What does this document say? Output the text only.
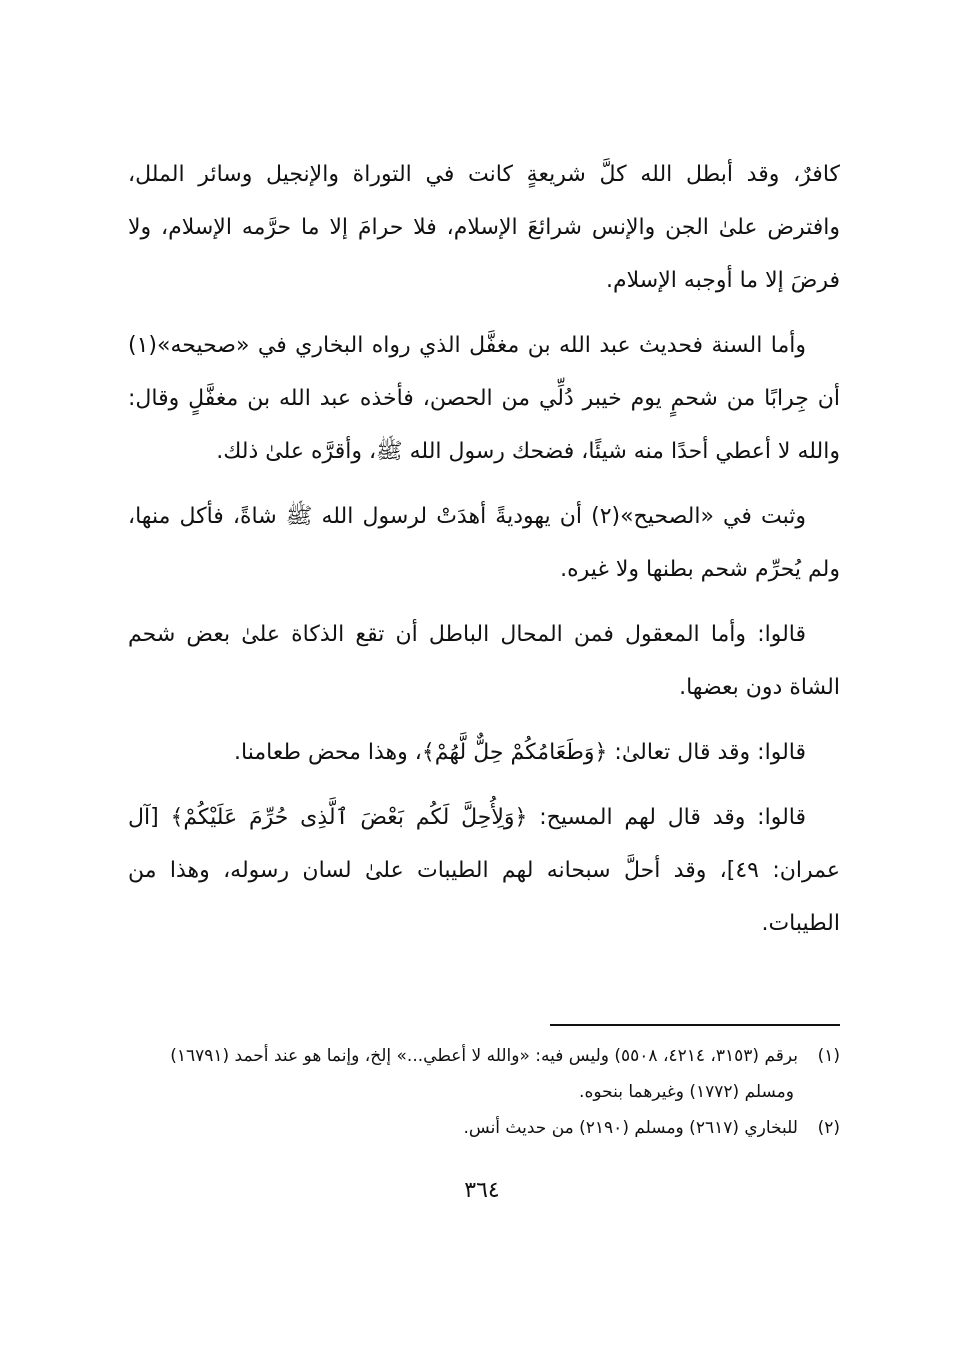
كافرٌ، وقد أبطل الله كلَّ شريعةٍ كانت في التوراة والإنجيل وسائر الملل، وافترض علىٰ الجن والإنس شرائعَ الإسلام، فلا حرامَ إلا ما حرَّمه الإسلام، ولا فرضَ إلا ما أوجبه الإسلام.

وأما السنة فحديث عبد الله بن مغفَّل الذي رواه البخاري في «صحيحه»(١) أن جِرابًا من شحمٍ يوم خيبر دُلِّي من الحصن، فأخذه عبد الله بن مغفَّلٍ وقال: والله لا أعطي أحدًا منه شيئًا، فضحك رسول الله ﷺ، وأقرَّه علىٰ ذلك.

وثبت في «الصحيح»(٢) أن يهوديةً أهدَتْ لرسول الله ﷺ شاةً، فأكل منها، ولم يُحرِّم شحم بطنها ولا غيره.

قالوا: وأما المعقول فمن المحال الباطل أن تقع الذكاة علىٰ بعض شحم الشاة دون بعضها.

قالوا: وقد قال تعالىٰ: ﴿وَطَعَامُكُمْ حِلٌّ لَّهُمْ﴾، وهذا محض طعامنا.

قالوا: وقد قال لهم المسيح: ﴿وَلِأُحِلَّ لَكُم بَعْضَ ٱلَّذِى حُرِّمَ عَلَيْكُمْ﴾ [آل عمران: ٤٩]، وقد أحلَّ سبحانه لهم الطيبات علىٰ لسان رسوله، وهذا من الطيبات.

(١)برقم (٣١٥٣، ٤٢١٤، ٥٥٠٨) وليس فيه: «والله لا أعطي...» إلخ، وإنما هو عند أحمد (١٦٧٩١) ومسلم (١٧٧٢) وغيرهما بنحوه.

(٢)للبخاري (٢٦١٧) ومسلم (٢١٩٠) من حديث أنس.

٣٦٤
